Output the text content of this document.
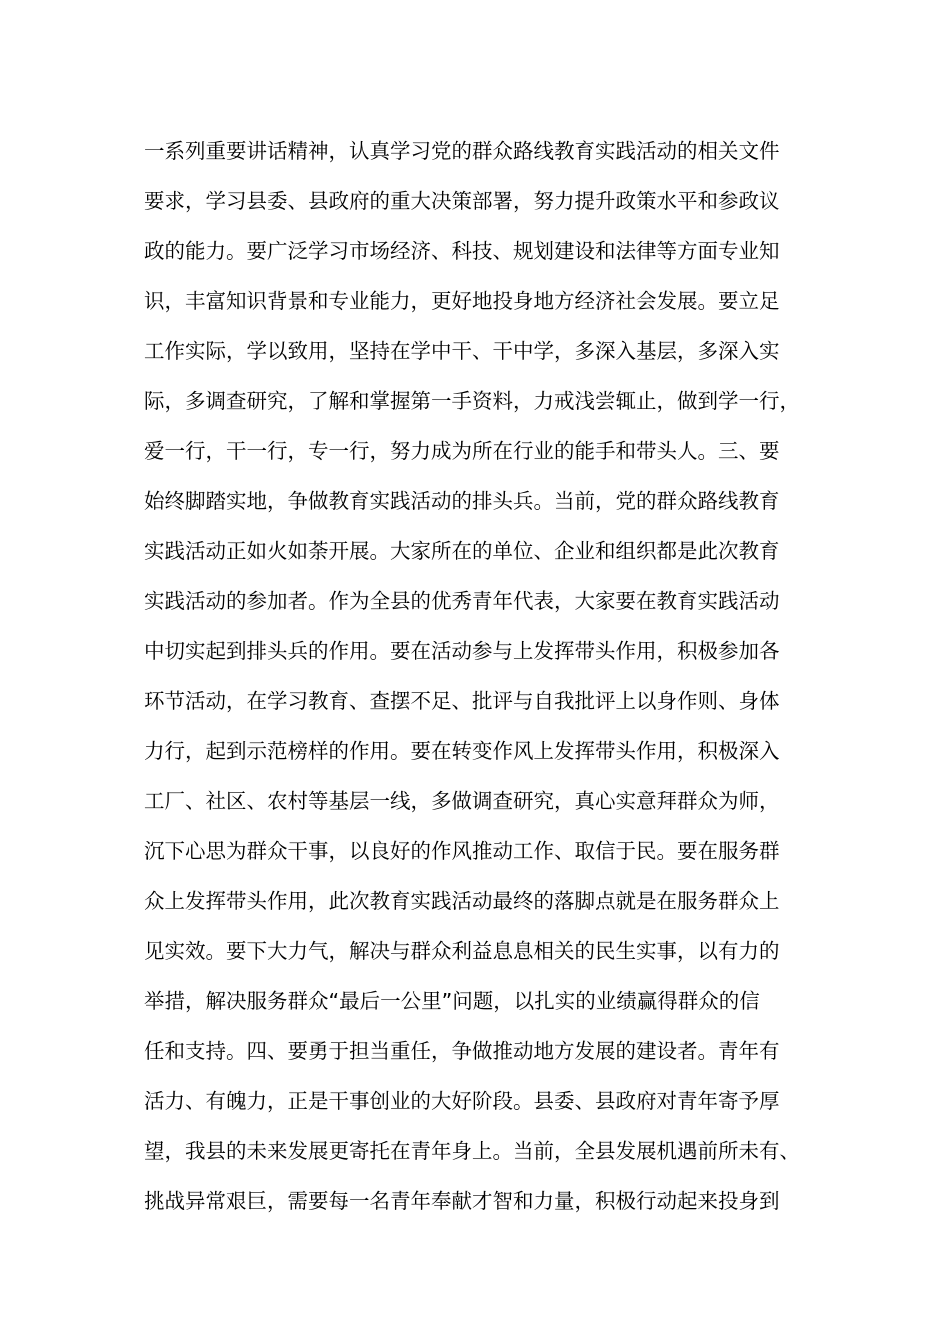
一系列重要讲话精神，认真学习党的群众路线教育实践活动的相关文件
要求，学习县委、县政府的重大决策部署，努力提升政策水平和参政议
政的能力。要广泛学习市场经济、科技、规划建设和法律等方面专业知
识，丰富知识背景和专业能力，更好地投身地方经济社会发展。要立足
工作实际，学以致用，坚持在学中干、干中学，多深入基层，多深入实
际，多调查研究，了解和掌握第一手资料，力戒浅尝辄止，做到学一行，
爱一行，干一行，专一行，努力成为所在行业的能手和带头人。三、要
始终脚踏实地，争做教育实践活动的排头兵。当前，党的群众路线教育
实践活动正如火如荼开展。大家所在的单位、企业和组织都是此次教育
实践活动的参加者。作为全县的优秀青年代表，大家要在教育实践活动
中切实起到排头兵的作用。要在活动参与上发挥带头作用，积极参加各
环节活动，在学习教育、查摆不足、批评与自我批评上以身作则、身体
力行，起到示范榜样的作用。要在转变作风上发挥带头作用，积极深入
工厂、社区、农村等基层一线，多做调查研究，真心实意拜群众为师，
沉下心思为群众干事，以良好的作风推动工作、取信于民。要在服务群
众上发挥带头作用，此次教育实践活动最终的落脚点就是在服务群众上
见实效。要下大力气，解决与群众利益息息相关的民生实事，以有力的
举措，解决服务群众“最后一公里”问题，以扎实的业绩赢得群众的信
任和支持。四、要勇于担当重任，争做推动地方发展的建设者。青年有
活力、有魄力，正是干事创业的大好阶段。县委、县政府对青年寄予厚
望，我县的未来发展更寄托在青年身上。当前，全县发展机遇前所未有、
挑战异常艰巨，需要每一名青年奉献才智和力量，积极行动起来投身到
